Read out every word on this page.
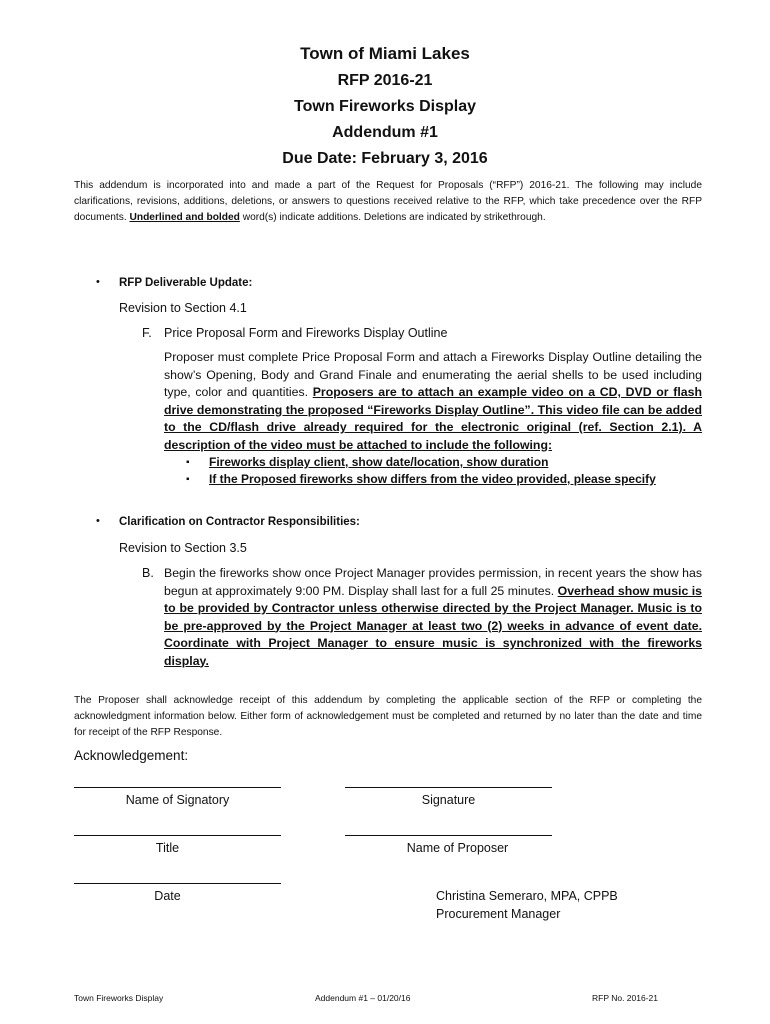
Town of Miami Lakes
RFP 2016-21
Town Fireworks Display
Addendum #1
Due Date: February 3, 2016
This addendum is incorporated into and made a part of the Request for Proposals (“RFP”) 2016-21. The following may include clarifications, revisions, additions, deletions, or answers to questions received relative to the RFP, which take precedence over the RFP documents. Underlined and bolded word(s) indicate additions. Deletions are indicated by strikethrough.
• RFP Deliverable Update:
Revision to Section 4.1
F. Price Proposal Form and Fireworks Display Outline
Proposer must complete Price Proposal Form and attach a Fireworks Display Outline detailing the show’s Opening, Body and Grand Finale and enumerating the aerial shells to be used including type, color and quantities. Proposers are to attach an example video on a CD, DVD or flash drive demonstrating the proposed “Fireworks Display Outline”. This video file can be added to the CD/flash drive already required for the electronic original (ref. Section 2.1). A description of the video must be attached to include the following:
▪ Fireworks display client, show date/location, show duration
▪ If the Proposed fireworks show differs from the video provided, please specify
• Clarification on Contractor Responsibilities:
Revision to Section 3.5
B. Begin the fireworks show once Project Manager provides permission, in recent years the show has begun at approximately 9:00 PM. Display shall last for a full 25 minutes. Overhead show music is to be provided by Contractor unless otherwise directed by the Project Manager. Music is to be pre-approved by the Project Manager at least two (2) weeks in advance of event date. Coordinate with Project Manager to ensure music is synchronized with the fireworks display.
The Proposer shall acknowledge receipt of this addendum by completing the applicable section of the RFP or completing the acknowledgment information below. Either form of acknowledgement must be completed and returned by no later than the date and time for receipt of the RFP Response.
Acknowledgement:
Name of Signatory	Signature
Title	Name of Proposer
Date	Christina Semeraro, MPA, CPPB
Procurement Manager
Town Fireworks Display	Addendum #1 – 01/20/16	RFP No. 2016-21
